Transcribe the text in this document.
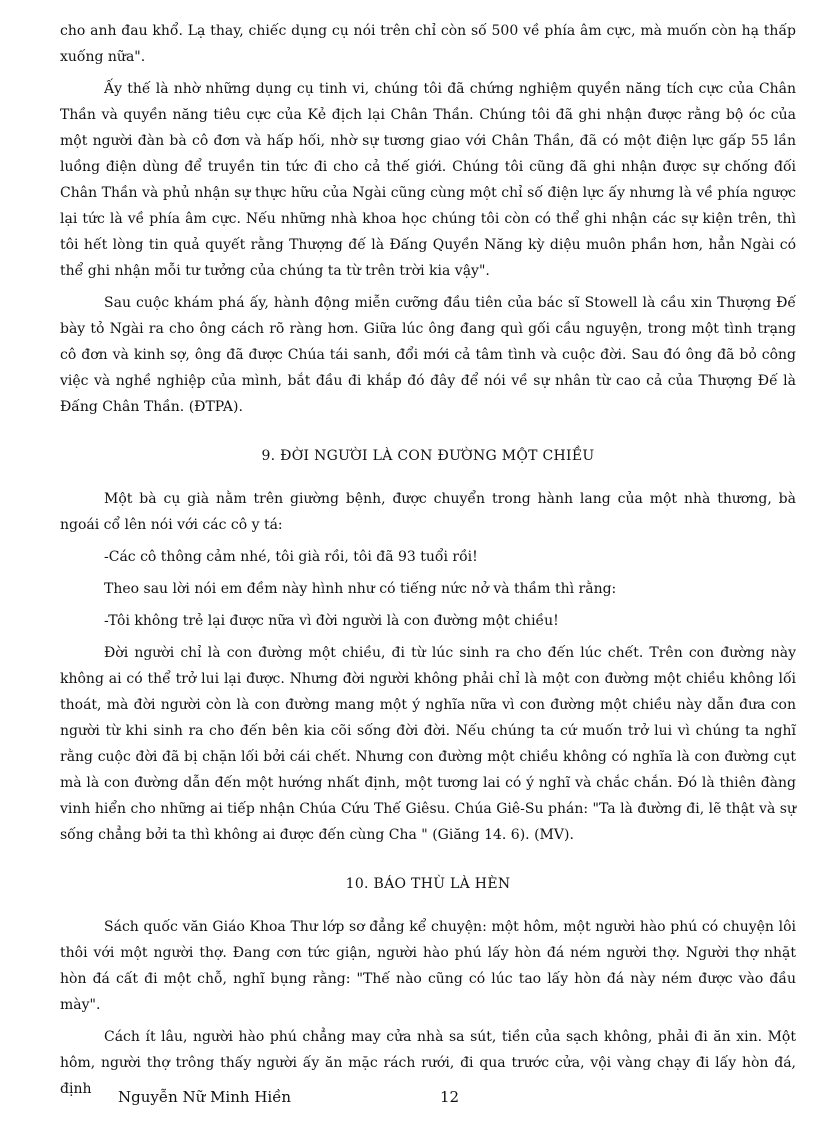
cho anh đau khổ. Lạ thay, chiếc dụng cụ nói trên chỉ còn số 500 về phía âm cực, mà muốn còn hạ thấp xuống nữa".

Ấy thế là nhờ những dụng cụ tinh vi, chúng tôi đã chứng nghiệm quyền năng tích cực của Chân Thần và quyền năng tiêu cực của Kẻ địch lại Chân Thần. Chúng tôi đã ghi nhận được rằng bộ óc của một người đàn bà cô đơn và hấp hối, nhờ sự tương giao với Chân Thần, đã có một điện lực gấp 55 lần luồng điện dùng để truyền tin tức đi cho cả thế giới. Chúng tôi cũng đã ghi nhận được sự chống đối Chân Thần và phủ nhận sự thực hữu của Ngài cũng cùng một chỉ số điện lực ấy nhưng là về phía ngược lại tức là về phía âm cực. Nếu những nhà khoa học chúng tôi còn có thể ghi nhận các sự kiện trên, thì tôi hết lòng tin quả quyết rằng Thượng đế là Đấng Quyền Năng kỳ diệu muôn phần hơn, hẳn Ngài có thể ghi nhận mỗi tư tưởng của chúng ta từ trên trời kia vậy".

Sau cuộc khám phá ấy, hành động miễn cưỡng đầu tiên của bác sĩ Stowell là cầu xin Thượng Đế bày tỏ Ngài ra cho ông cách rõ ràng hơn. Giữa lúc ông đang quì gối cầu nguyện, trong một tình trạng cô đơn và kinh sợ, ông đã được Chúa tái sanh, đổi mới cả tâm tình và cuộc đời. Sau đó ông đã bỏ công việc và nghề nghiệp của mình, bắt đầu đi khắp đó đây để nói về sự nhân từ cao cả của Thượng Đế là Đấng Chân Thần. (ĐTPA).

9. ĐỜI NGƯỜI LÀ CON ĐƯỜNG MỘT CHIỀU

Một bà cụ già nằm trên giường bệnh, được chuyển trong hành lang của một nhà thương, bà ngoái cổ lên nói với các cô y tá:

-Các cô thông cảm nhé, tôi già rồi, tôi đã 93 tuổi rồi!

Theo sau lời nói em đềm này hình như có tiếng nức nở và thầm thì rằng:

-Tôi không trẻ lại được nữa vì đời người là con đường một chiều!

Đời người chỉ là con đường một chiều, đi từ lúc sinh ra cho đến lúc chết. Trên con đường này không ai có thể trở lui lại được. Nhưng đời người không phải chỉ là một con đường một chiều không lối thoát, mà đời người còn là con đường mang một ý nghĩa nữa vì con đường một chiều này dẫn đưa con người từ khi sinh ra cho đến bên kia cõi sống đời đời. Nếu chúng ta cứ muốn trở lui vì chúng ta nghĩ rằng cuộc đời đã bị chặn lối bởi cái chết. Nhưng con đường một chiều không có nghĩa là con đường cụt mà là con đường dẫn đến một hướng nhất định, một tương lai có ý nghĩ và chắc chắn. Đó là thiên đàng vinh hiển cho những ai tiếp nhận Chúa Cứu Thế Giêsu. Chúa Giê-Su phán: "Ta là đường đi, lẽ thật và sự sống chẳng bởi ta thì không ai được đến cùng Cha " (Giăng 14. 6). (MV).

10. BÁO THÙ LÀ HÈN

Sách quốc văn Giáo Khoa Thư lớp sơ đẳng kể chuyện: một hôm, một người hào phú có chuyện lôi thôi với một người thợ. Đang cơn tức giận, người hào phú lấy hòn đá ném người thợ. Người thợ nhặt hòn đá cất đi một chỗ, nghĩ bụng rằng: "Thế nào cũng có lúc tao lấy hòn đá này ném được vào đầu mày".

Cách ít lâu, người hào phú chẳng may cửa nhà sa sút, tiền của sạch không, phải đi ăn xin. Một hôm, người thợ trông thấy người ấy ăn mặc rách rưới, đi qua trước cửa, vội vàng chạy đi lấy hòn đá, định	Nguyễn Nữ Minh Hiền	12
